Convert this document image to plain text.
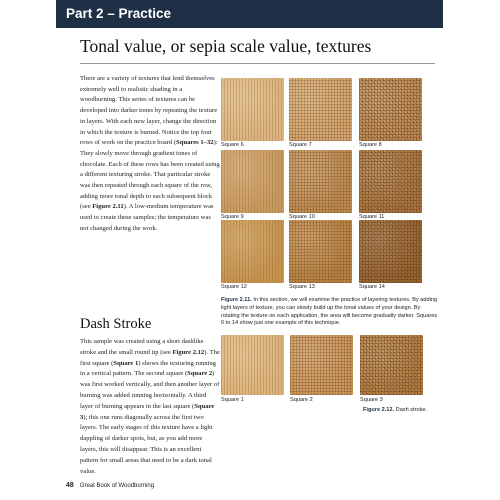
Part 2 – Practice
Tonal value, or sepia scale value, textures
There are a variety of textures that lend themselves extremely well to realistic shading in a woodburning. This series of textures can be developed into darker tones by repeating the texture in layers. With each new layer, change the direction in which the texture is burned. Notice the top four rows of work on the practice board (Squares 1–32): They slowly move through gradient tones of chocolate. Each of these rows has been created using a different texturing stroke. That particular stroke was then repeated through each square of the row, adding more tonal depth to each subsequent block (see Figure 2.11). A low-medium temperature was used to create these samples; the temperature was not changed during the work.
Square 6	Square 7	Square 8
Square 9	Square 10	Square 11
Square 12	Square 13	Square 14
Figure 2.11. In this section, we will examine the practice of layering textures. By adding light layers of texture, you can slowly build up the tonal values of your design. By rotating the texture on each application, the area will become gradually darker. Squares 6 to 14 show just one example of this technique.
Dash Stroke
This sample was created using a short dashlike stroke and the small round tip (see Figure 2.12). The first square (Square 1) shows the texturing running in a vertical pattern. The second square (Square 2) was first worked vertically, and then another layer of burning was added running horizontally. A third layer of burning appears in the last square (Square 3); this one runs diagonally across the first two layers. The early stages of this texture have a light dappling of darker spots, but, as you add more layers, this will disappear. This is an excellent pattern for small areas that need to be a dark tonal value.
Square 1	Square 2	Square 3
Figure 2.12. Dash stroke.
48 Great Book of Woodburning
